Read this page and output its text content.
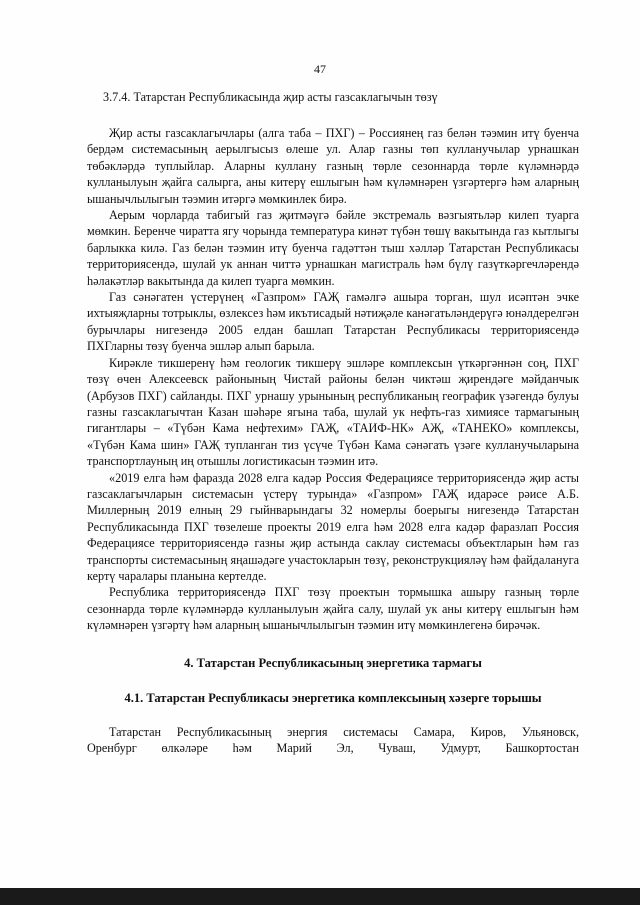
47

3.7.4. Татарстан Республикасында җир асты газсаклагычын төзү

Җир асты газсаклагычлары (алга таба – ПХГ) – Россиянең газ белән тәэмин итү буенча бердәм системасының аерылгысыз өлеше ул. Алар газны төп кулланучылар урнашкан төбәкләрдә туплыйлар. Аларны куллану газның төрле сезоннарда төрле күләмнәрдә кулланылуын җайга салырга, аны китерү ешлыгын һәм күләмнәрен үзгәртергә һәм аларның ышанычлылыгын тәэмин итәргә мөмкинлек бирә.

Аерым чорларда табигый газ җитмәүгә бәйле экстремаль вәзгыятьләр килеп туарга мөмкин. Беренче чиратта ягу чорында температура кинәт түбән төшү вакытында газ кытлыгы барлыкка килә. Газ белән тәэмин итү буенча гадәттән тыш хәлләр Татарстан Республикасы территориясендә, шулай ук аннан читтә урнашкан магистраль һәм бүлү газүткәргечләрендә һәлакәтләр вакытында да килеп туарга мөмкин.

Газ сәнәгатен үстерүнең «Газпром» ГАҖ гамәлгә ашыра торган, шул исәптән эчке ихтыяҗларны тотрыклы, өзлексез һәм икътисадый нәтиҗәле канәгатьләндерүгә юнәлдерелгән бурычлары нигезендә 2005 елдан башлап Татарстан Республикасы территориясендә ПХГларны төзү буенча эшләр алып барыла.

Кирәкле тикшеренү һәм геологик тикшерү эшләре комплексын үткәргәннән соң, ПХГ төзү өчен Алексеевск районының Чистай районы белән чиктәш җирендәге мәйданчык (Арбузов ПХГ) сайланды. ПХГ урнашу урынының республиканың географик үзәгендә булуы газны газсаклагычтан Казан шәһәре ягына таба, шулай ук нефть-газ химиясе тармагының гигантлары – «Түбән Кама нефтехим» ГАҖ, «ТАИФ-НК» АҖ, «ТАНЕКО» комплексы, «Түбән Кама шин» ГАҖ тупланган тиз үсүче Түбән Кама сәнәгать үзәге кулланучыларына транспортлауның иң отышлы логистикасын тәэмин итә.

«2019 елга һәм фаразда 2028 елга кадәр Россия Федерациясе территориясендә җир асты газсаклагычларын системасын үстерү турында» «Газпром» ГАҖ идарәсе рәисе А.Б. Миллерның 2019 елның 29 гыйнварындагы 32 номерлы боерыгы нигезендә Татарстан Республикасында ПХГ төзелеше проекты 2019 елга һәм 2028 елга кадәр фаразлап Россия Федерациясе территориясендә газны җир астында саклау системасы объектларын һәм газ транспорты системасының яңашәдәге участокларын төзү, реконструкцияләү һәм файдалануга кертү чаралары планына кертелде.

Республика территориясендә ПХГ төзү проектын тормышка ашыру газның төрле сезоннарда төрле күләмнәрдә кулланылуын җайга салу, шулай ук аны китерү ешлыгын һәм күләмнәрен үзгәртү һәм аларның ышанычлылыгын тәэмин итү мөмкинлегенә бирәчәк.

4. Татарстан Республикасының энергетика тармагы

4.1. Татарстан Республикасы энергетика комплексының хәзерге торышы

Татарстан Республикасының энергия системасы Самара, Киров, Ульяновск,

Оренбург өлкәләре һәм Марий Эл, Чуваш, Удмурт, Башкортостан
